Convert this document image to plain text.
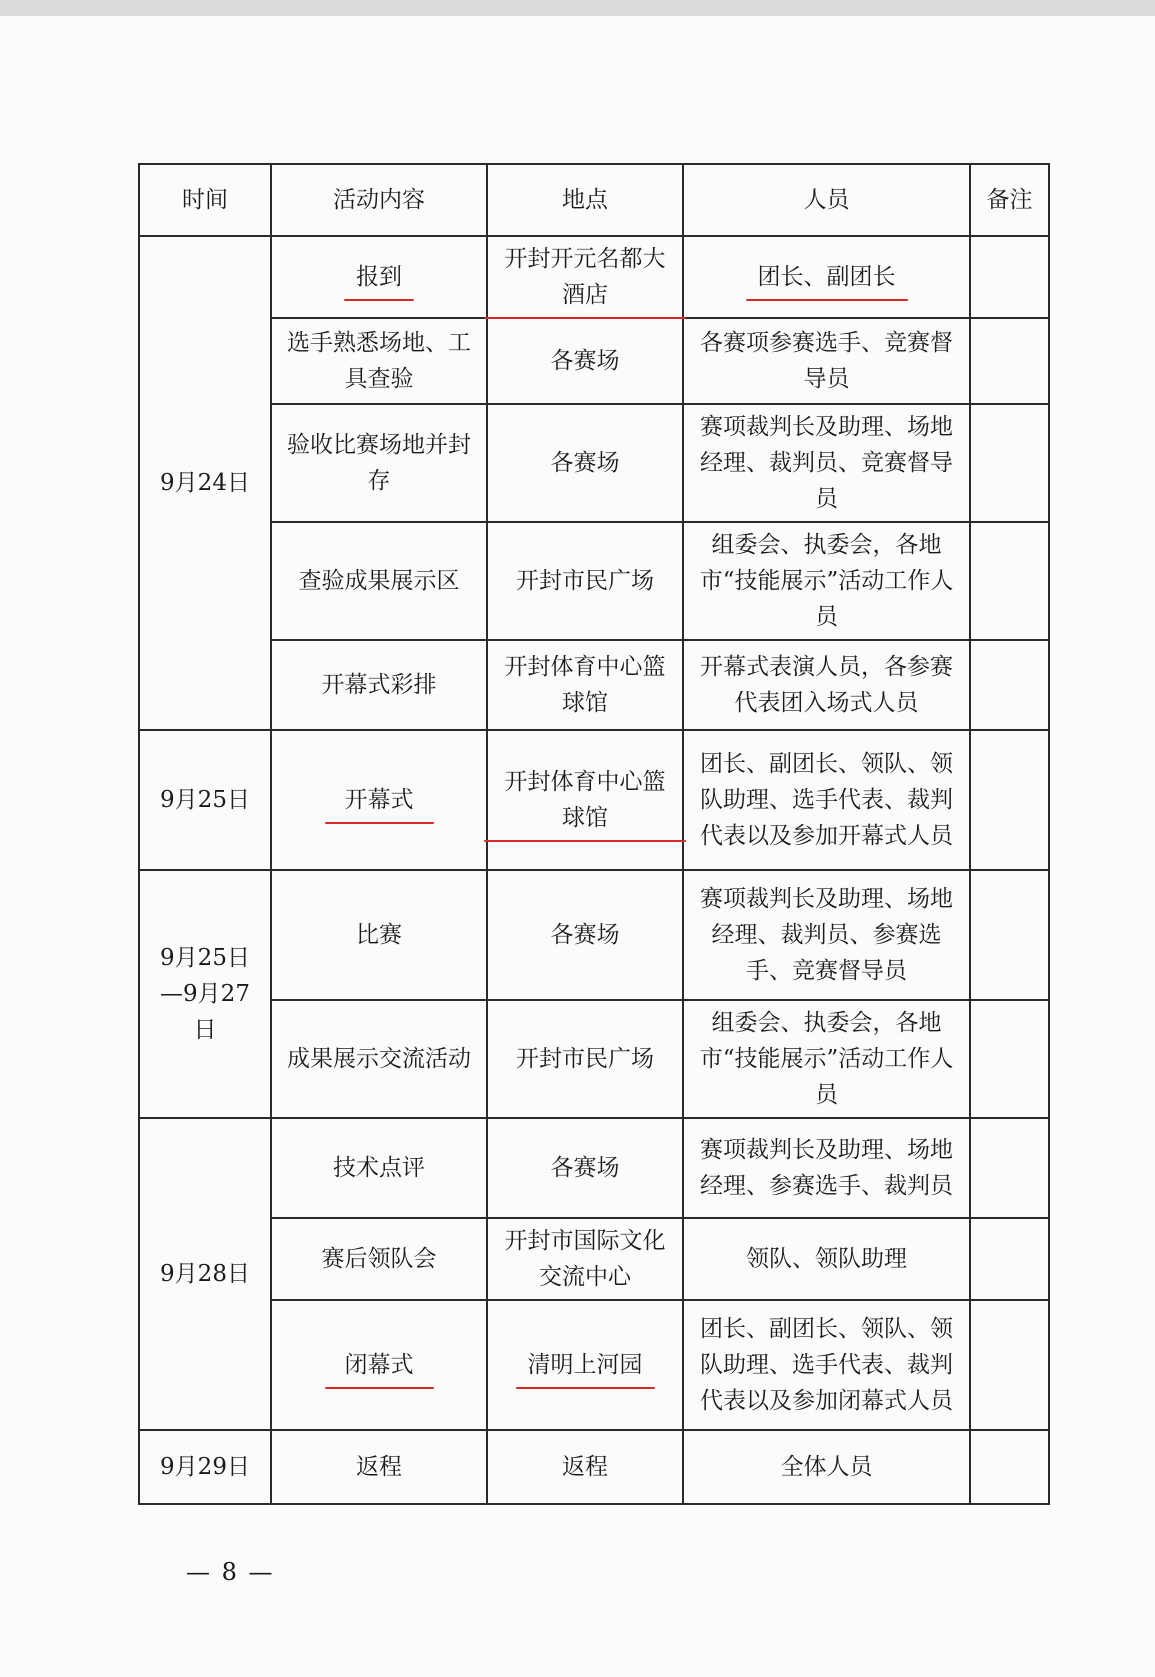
时间	活动内容	地点	人员	备注
9月24日	报到	开封开元名都大酒店	团长、副团长	
	选手熟悉场地、工具查验	各赛场	各赛项参赛选手、竞赛督导员	
	验收比赛场地并封存	各赛场	赛项裁判长及助理、场地经理、裁判员、竞赛督导员	
	查验成果展示区	开封市民广场	组委会、执委会，各地市“技能展示”活动工作人员	
	开幕式彩排	开封体育中心篮球馆	开幕式表演人员，各参赛代表团入场式人员	
9月25日	开幕式	开封体育中心篮球馆	团长、副团长、领队、领队助理、选手代表、裁判代表以及参加开幕式人员	
9月25日—9月27日	比赛	各赛场	赛项裁判长及助理、场地经理、裁判员、参赛选手、竞赛督导员	
	成果展示交流活动	开封市民广场	组委会、执委会，各地市“技能展示”活动工作人员	
9月28日	技术点评	各赛场	赛项裁判长及助理、场地经理、参赛选手、裁判员	
	赛后领队会	开封市国际文化交流中心	领队、领队助理	
	闭幕式	清明上河园	团长、副团长、领队、领队助理、选手代表、裁判代表以及参加闭幕式人员	
9月29日	返程	返程	全体人员	
— 8 —
